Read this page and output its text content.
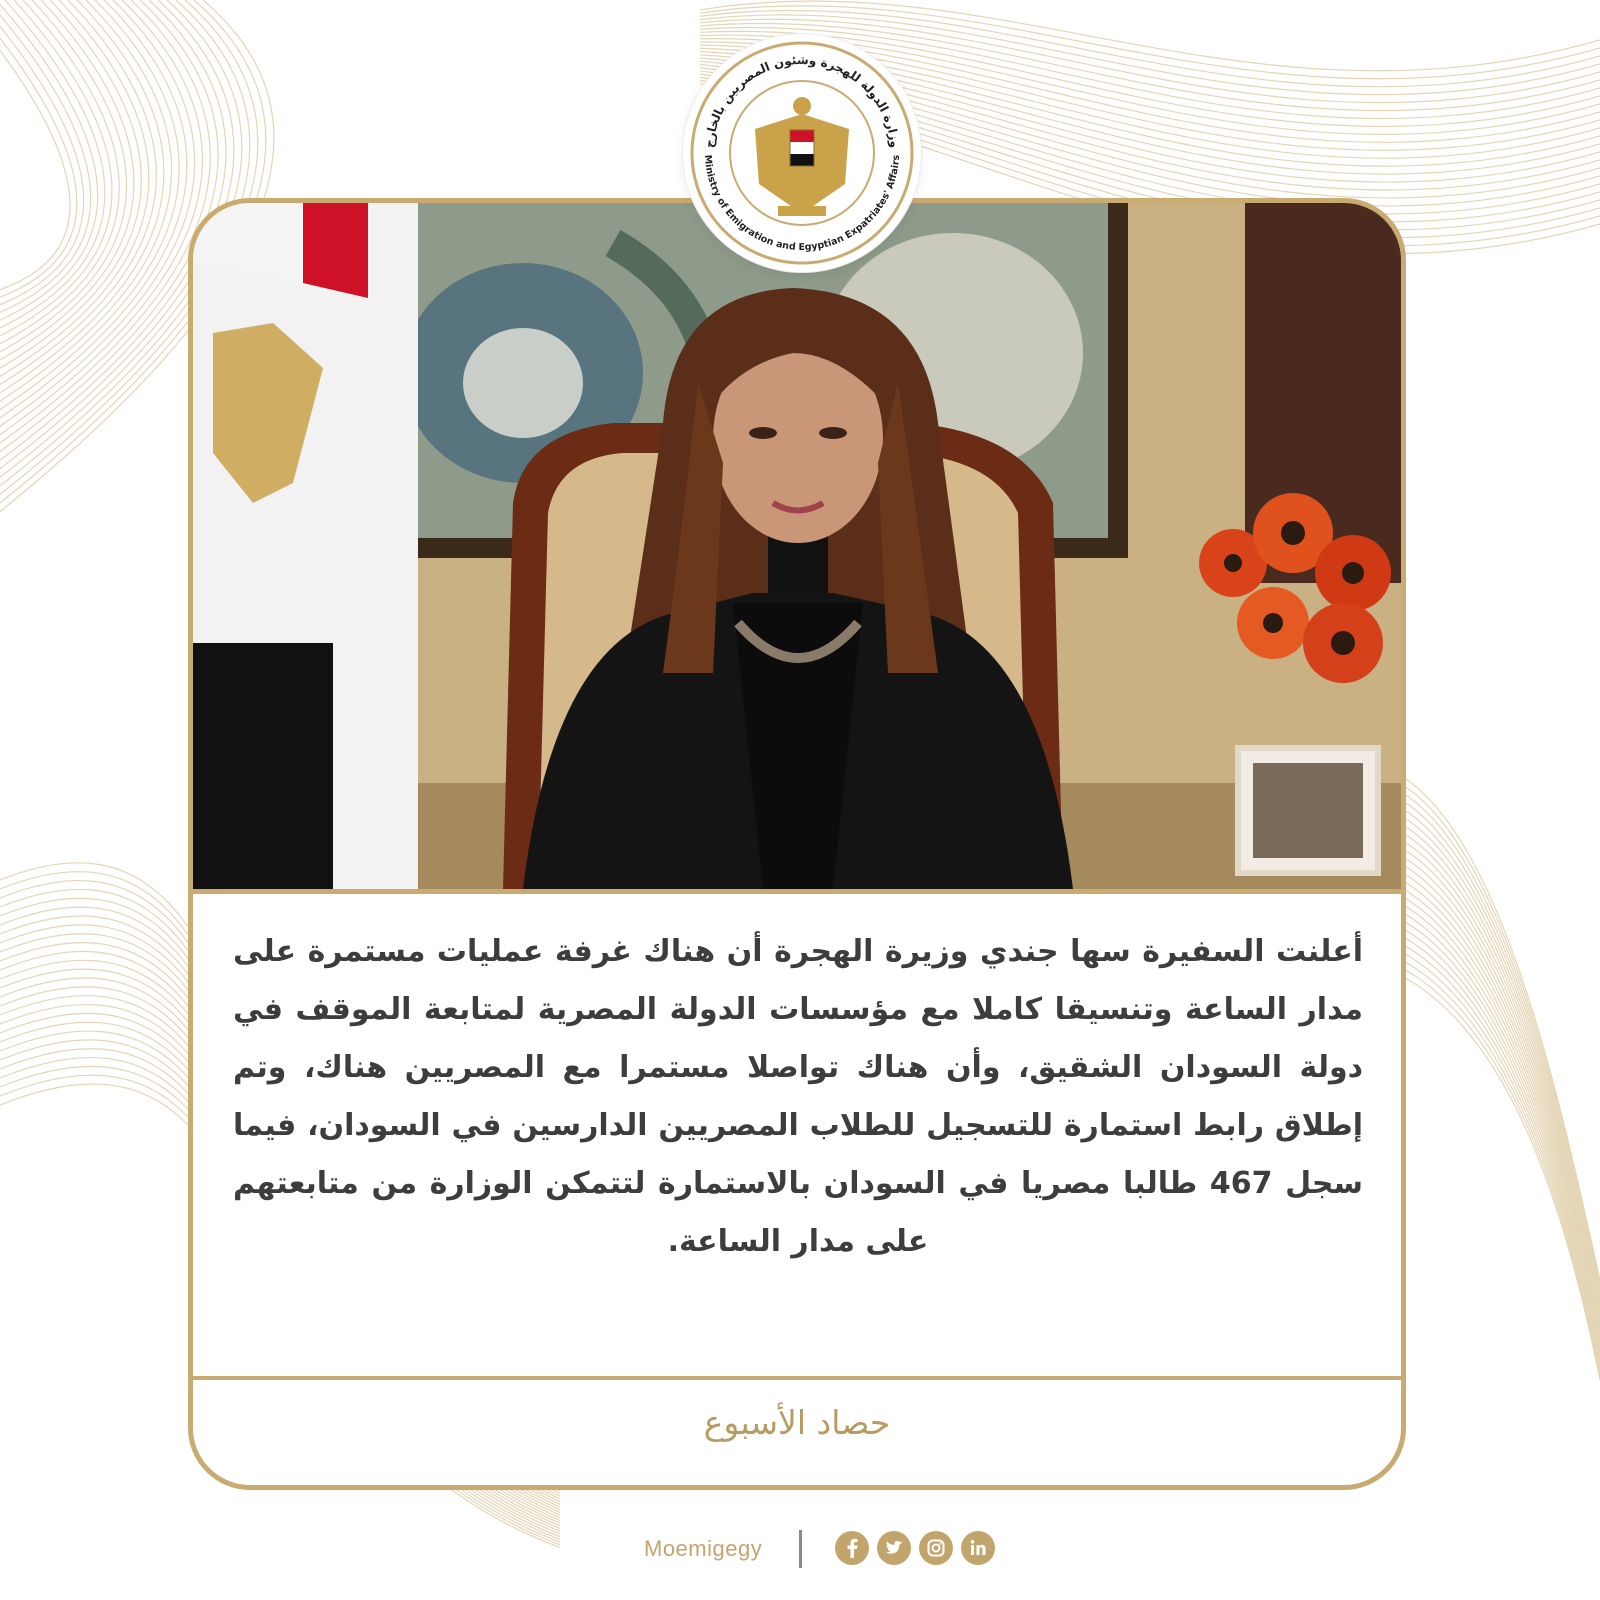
أعلنت السفيرة سها جندي وزيرة الهجرة أن هناك غرفة عمليات مستمرة على مدار الساعة وتنسيقا كاملا مع مؤسسات الدولة المصرية لمتابعة الموقف في دولة السودان الشقيق، وأن هناك تواصلا مستمرا مع المصريين هناك، وتم إطلاق رابط استمارة للتسجيل للطلاب المصريين الدارسين في السودان، فيما سجل 467 طالبا مصريا في السودان بالاستمارة لتتمكن الوزارة من متابعتهم على مدار الساعة.

حصاد الأسبوع
وزارة الدولة للهجرة وشئون المصريين بالخارج
Ministry of Emigration and Egyptian Expatriates' Affairs
Moemigegy
